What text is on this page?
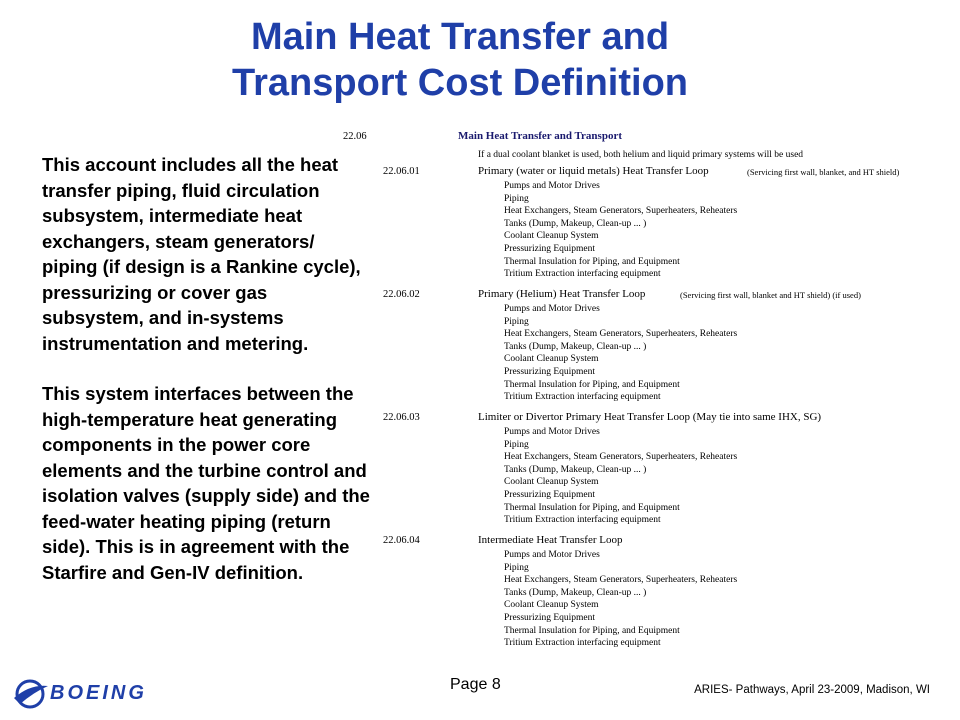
Main Heat Transfer and
Transport Cost Definition

This account includes all the heat transfer piping, fluid circulation subsystem, intermediate heat exchangers, steam generators/ piping (if design is a Rankine cycle), pressurizing or cover gas subsystem, and in-systems instrumentation and metering.

This system interfaces between the high-temperature heat generating components in the power core elements and the turbine control and isolation valves (supply side) and the feed-water heating piping (return side). This is in agreement with the Starfire and Gen-IV definition.

22.06	Main Heat Transfer and Transport
If a dual coolant blanket is used, both helium and liquid primary systems will be used
22.06.01	Primary (water or liquid metals) Heat Transfer Loop	(Servicing first wall, blanket, and HT shield)
Pumps and Motor Drives
Piping
Heat Exchangers, Steam Generators, Superheaters, Reheaters
Tanks (Dump, Makeup, Clean-up ... )
Coolant Cleanup System
Pressurizing Equipment
Thermal Insulation for Piping, and Equipment
Tritium Extraction interfacing equipment
22.06.02	Primary (Helium) Heat Transfer Loop	(Servicing first wall, blanket and HT shield) (if used)
Pumps and Motor Drives
Piping
Heat Exchangers, Steam Generators, Superheaters, Reheaters
Tanks (Dump, Makeup, Clean-up ... )
Coolant Cleanup System
Pressurizing Equipment
Thermal Insulation for Piping, and Equipment
Tritium Extraction interfacing equipment
22.06.03	Limiter or Divertor Primary Heat Transfer Loop (May tie into same IHX, SG)
Pumps and Motor Drives
Piping
Heat Exchangers, Steam Generators, Superheaters, Reheaters
Tanks (Dump, Makeup, Clean-up ... )
Coolant Cleanup System
Pressurizing Equipment
Thermal Insulation for Piping, and Equipment
Tritium Extraction interfacing equipment
22.06.04	Intermediate Heat Transfer Loop
Pumps and Motor Drives
Piping
Heat Exchangers, Steam Generators, Superheaters, Reheaters
Tanks (Dump, Makeup, Clean-up ... )
Coolant Cleanup System
Pressurizing Equipment
Thermal Insulation for Piping, and Equipment
Tritium Extraction interfacing equipment
BOEING	Page 8	ARIES- Pathways, April 23-2009, Madison, WI
